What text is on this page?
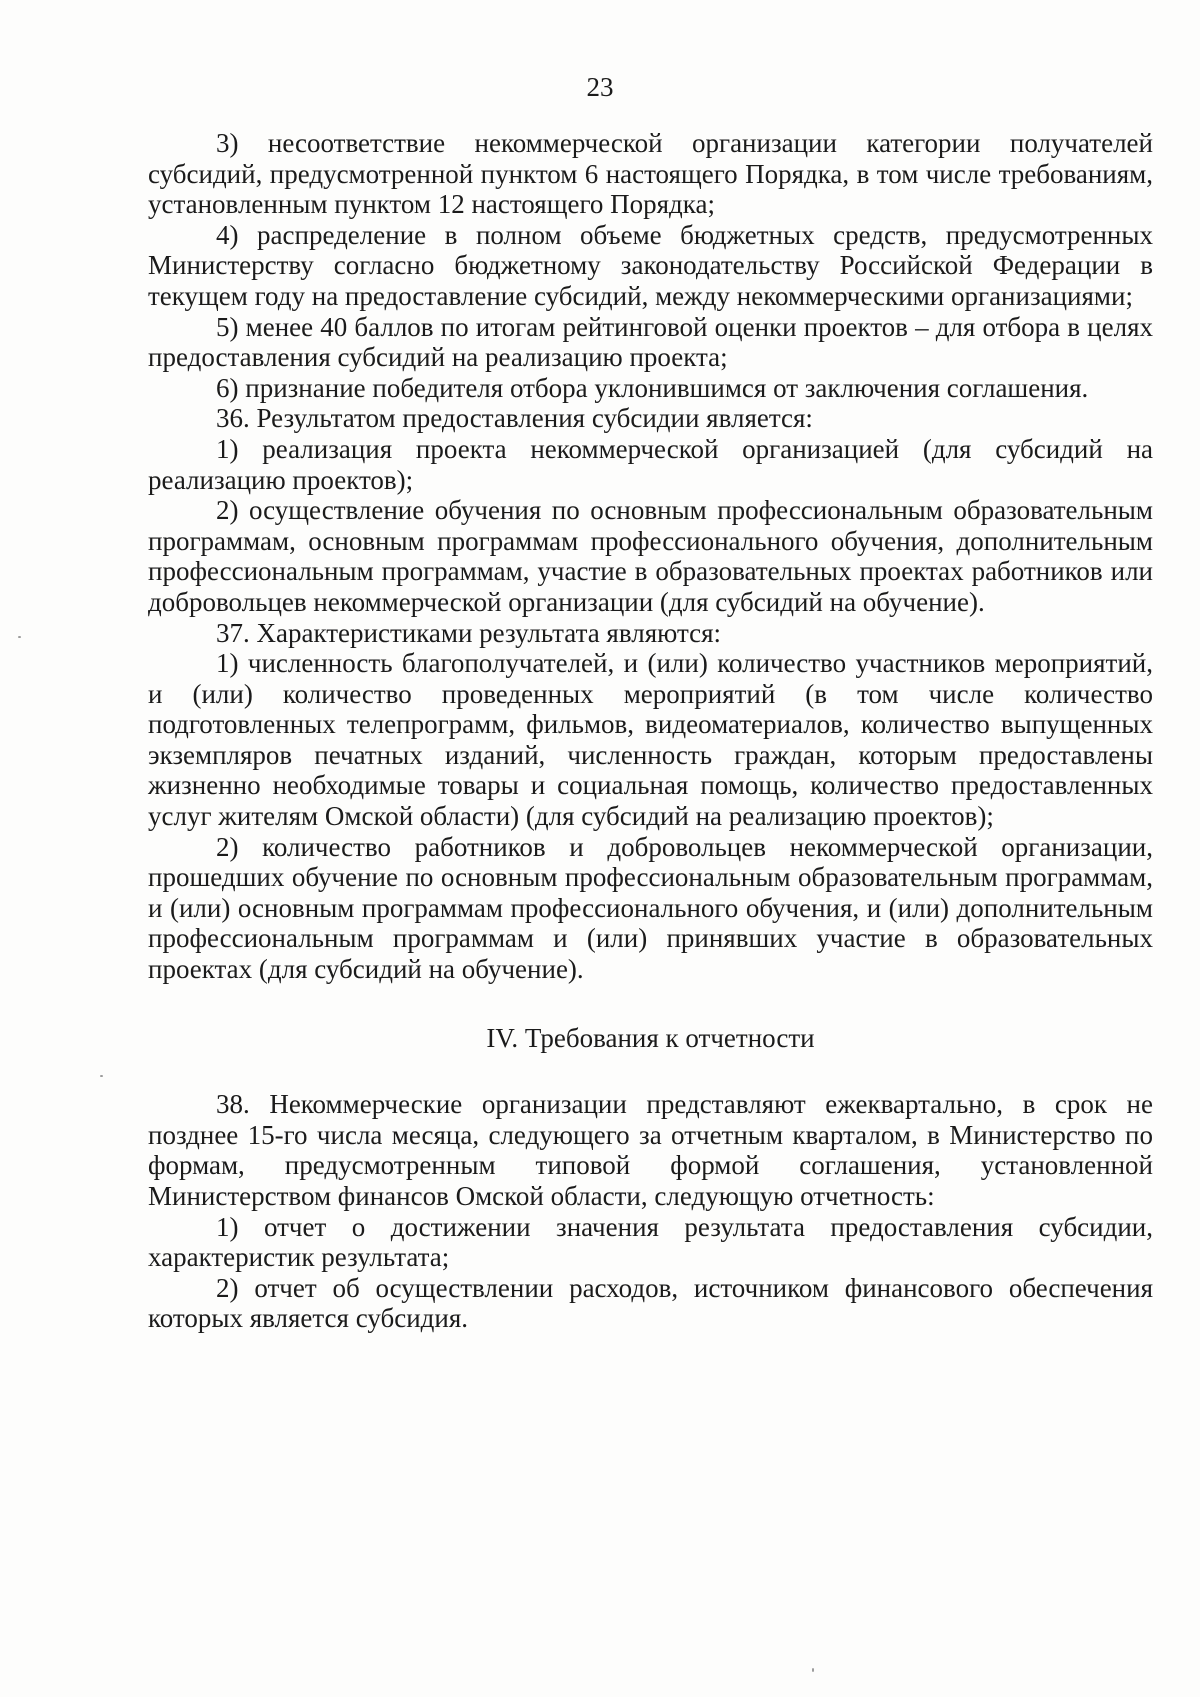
23

3) несоответствие некоммерческой организации категории получателей субсидий, предусмотренной пунктом 6 настоящего Порядка, в том числе требованиям, установленным пунктом 12 настоящего Порядка;

4) распределение в полном объеме бюджетных средств, предусмотренных Министерству согласно бюджетному законодательству Российской Федерации в текущем году на предоставление субсидий, между некоммерческими организациями;

5) менее 40 баллов по итогам рейтинговой оценки проектов – для отбора в целях предоставления субсидий на реализацию проекта;

6) признание победителя отбора уклонившимся от заключения соглашения.

36. Результатом предоставления субсидии является:

1) реализация проекта некоммерческой организацией (для субсидий на реализацию проектов);

2) осуществление обучения по основным профессиональным образовательным программам, основным программам профессионального обучения, дополнительным профессиональным программам, участие в образовательных проектах работников или добровольцев некоммерческой организации (для субсидий на обучение).

37. Характеристиками результата являются:

1) численность благополучателей, и (или) количество участников мероприятий, и (или) количество проведенных мероприятий (в том числе количество подготовленных телепрограмм, фильмов, видеоматериалов, количество выпущенных экземпляров печатных изданий, численность граждан, которым предоставлены жизненно необходимые товары и социальная помощь, количество предоставленных услуг жителям Омской области) (для субсидий на реализацию проектов);

2) количество работников и добровольцев некоммерческой организации, прошедших обучение по основным профессиональным образовательным программам, и (или) основным программам профессионального обучения, и (или) дополнительным профессиональным программам и (или) принявших участие в образовательных проектах (для субсидий на обучение).

IV. Требования к отчетности

38. Некоммерческие организации представляют ежеквартально, в срок не позднее 15-го числа месяца, следующего за отчетным кварталом, в Министерство по формам, предусмотренным типовой формой соглашения, установленной Министерством финансов Омской области, следующую отчетность:

1) отчет о достижении значения результата предоставления субсидии, характеристик результата;

2) отчет об осуществлении расходов, источником финансового обеспечения которых является субсидия.
